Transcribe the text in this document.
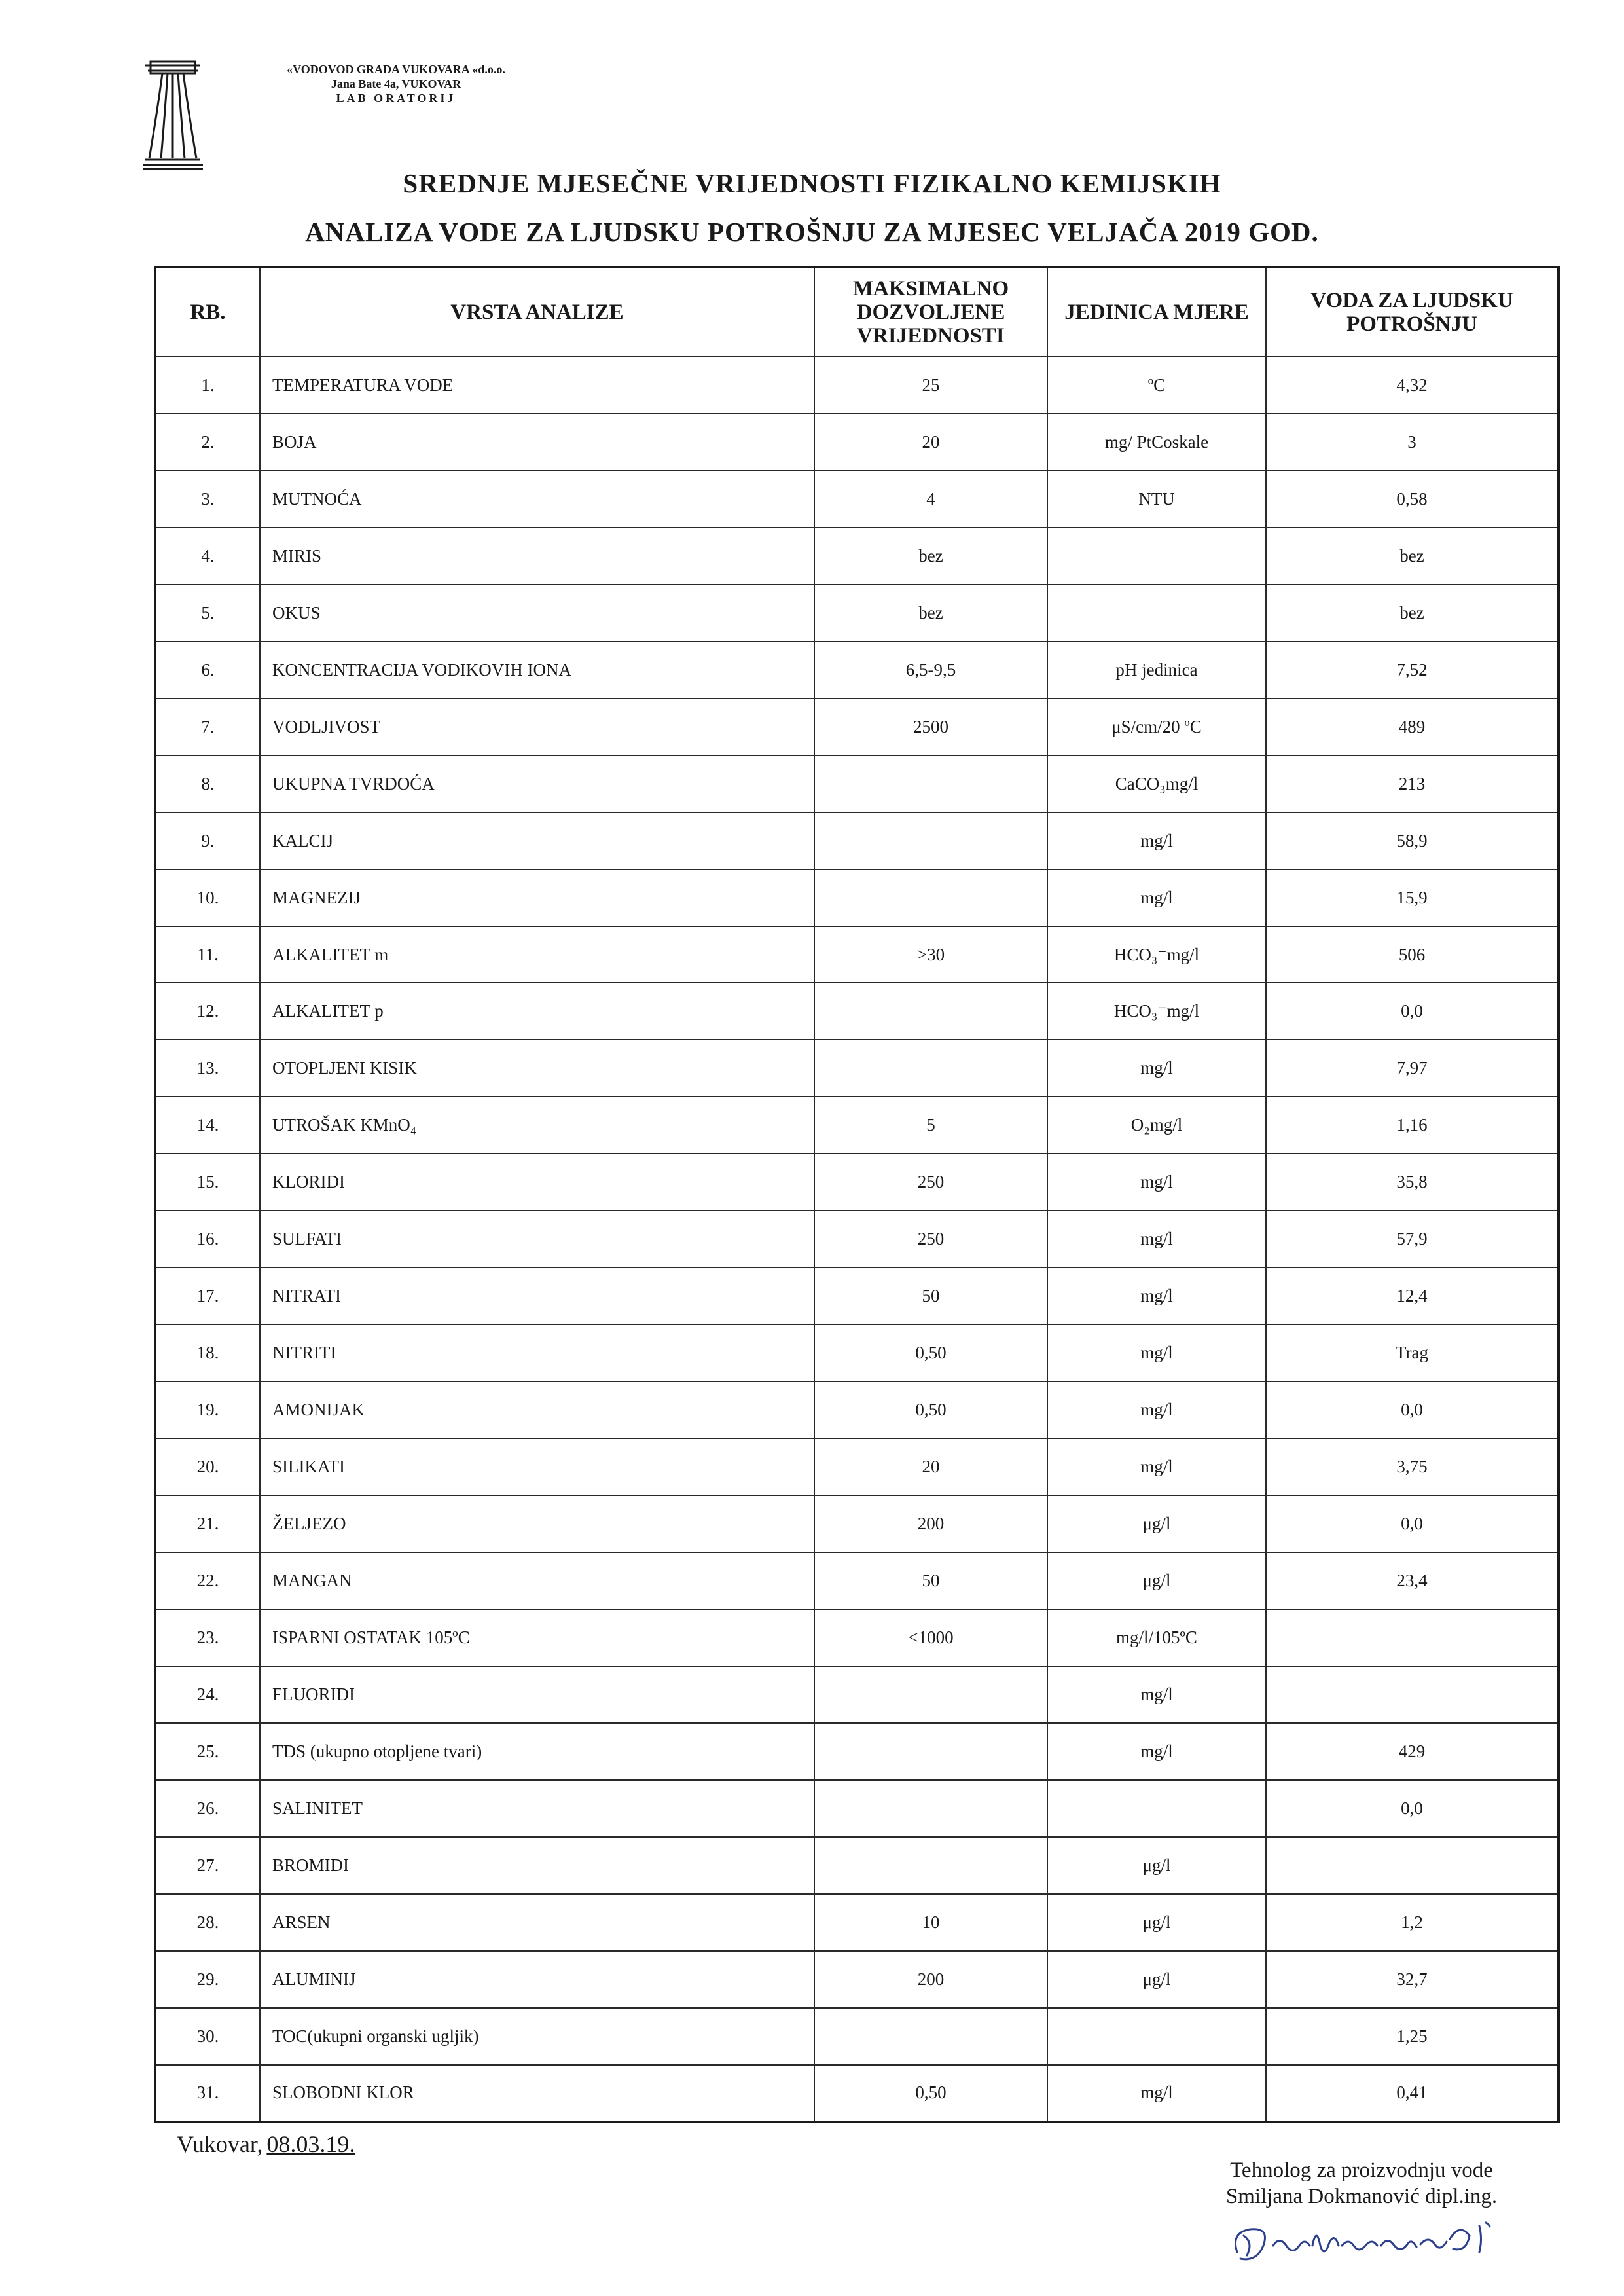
«VODOVOD GRADA VUKOVARA «d.o.o.
Jana Bate 4a, VUKOVAR
LAB ORATORIJ
SREDNJE MJESEČNE VRIJEDNOSTI FIZIKALNO KEMIJSKIH
ANALIZA VODE ZA LJUDSKU POTROŠNJU ZA MJESEC VELJAČA 2019 GOD.
RB.	VRSTA ANALIZE	MAKSIMALNO DOZVOLJENE VRIJEDNOSTI	JEDINICA MJERE	VODA ZA LJUDSKU POTROŠNJU
1.	TEMPERATURA VODE	25	ºC	4,32
2.	BOJA	20	mg/ PtCoskale	3
3.	MUTNOĆA	4	NTU	0,58
4.	MIRIS	bez		bez
5.	OKUS	bez		bez
6.	KONCENTRACIJA VODIKOVIH IONA	6,5-9,5	pH jedinica	7,52
7.	VODLJIVOST	2500	μS/cm/20 ºC	489
8.	UKUPNA TVRDOĆA		CaCO₃mg/l	213
9.	KALCIJ		mg/l	58,9
10.	MAGNEZIJ		mg/l	15,9
11.	ALKALITET m	>30	HCO₃⁻mg/l	506
12.	ALKALITET p		HCO₃⁻mg/l	0,0
13.	OTOPLJENI KISIK		mg/l	7,97
14.	UTROŠAK KMnO₄	5	O₂mg/l	1,16
15.	KLORIDI	250	mg/l	35,8
16.	SULFATI	250	mg/l	57,9
17.	NITRATI	50	mg/l	12,4
18.	NITRITI	0,50	mg/l	Trag
19.	AMONIJAK	0,50	mg/l	0,0
20.	SILIKATI	20	mg/l	3,75
21.	ŽELJEZO	200	μg/l	0,0
22.	MANGAN	50	μg/l	23,4
23.	ISPARNI OSTATAK 105ºC	<1000	mg/l/105ºC	
24.	FLUORIDI		mg/l	
25.	TDS (ukupno otopljene tvari)		mg/l	429
26.	SALINITET			0,0
27.	BROMIDI		μg/l	
28.	ARSEN	10	μg/l	1,2
29.	ALUMINIJ	200	μg/l	32,7
30.	TOC(ukupni organski ugljik)			1,25
31.	SLOBODNI KLOR	0,50	mg/l	0,41
Vukovar, 08.03.19.
Tehnolog za proizvodnju vode
Smiljana Dokmanović dipl.ing.
